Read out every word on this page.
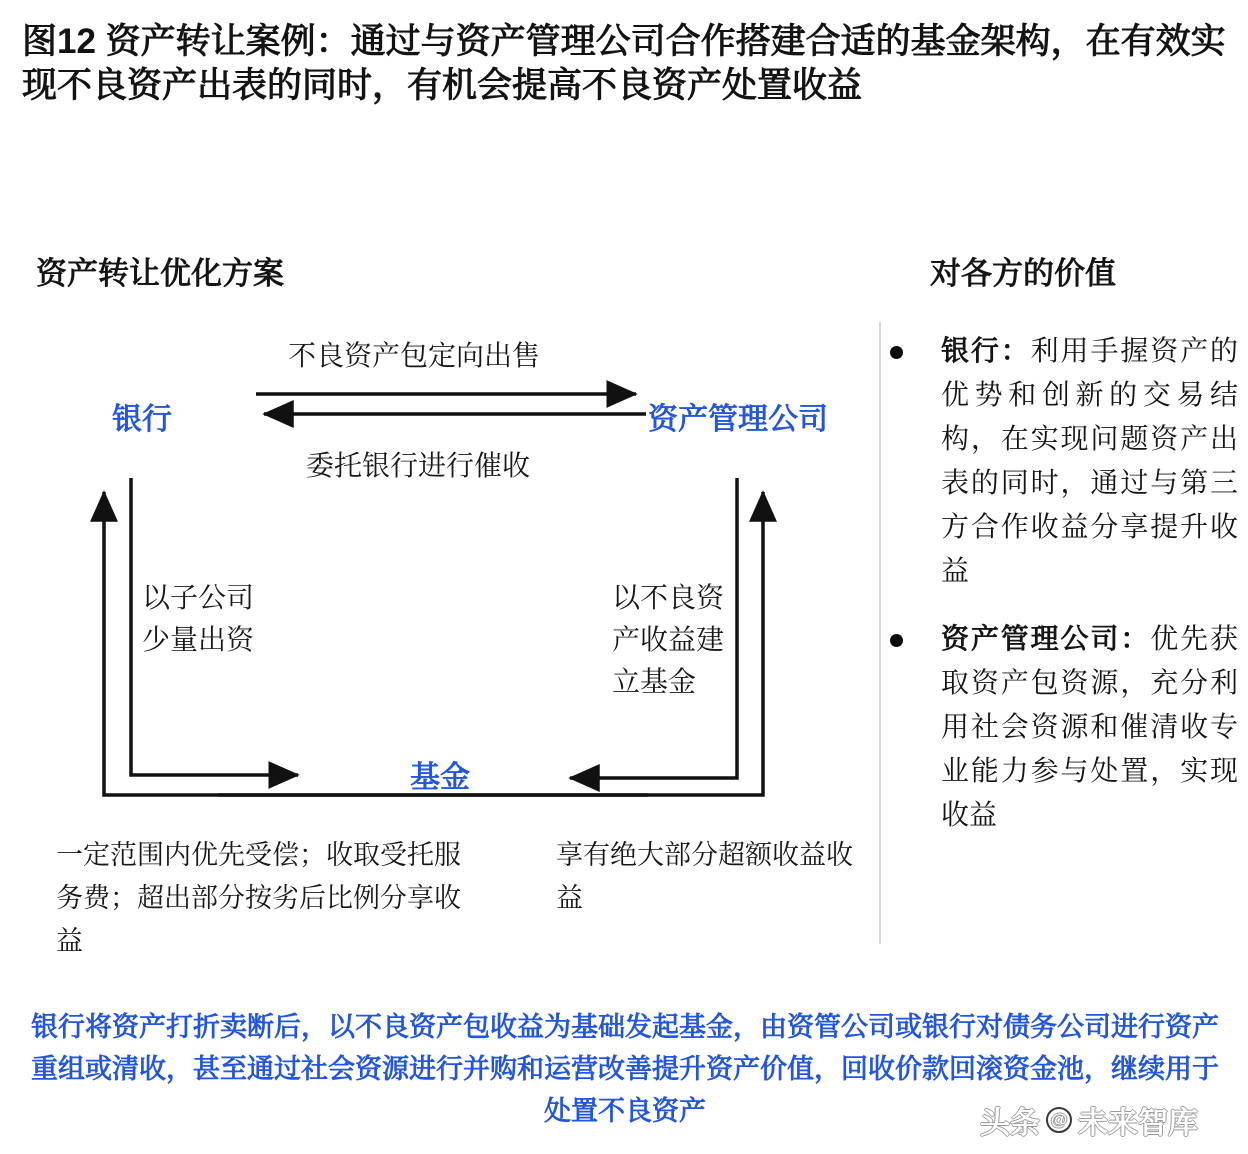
图12 资产转让案例：通过与资产管理公司合作搭建合适的基金架构，在有效实现不良资产出表的同时，有机会提高不良资产处置收益
资产转让优化方案	对各方的价值
银行	资产管理公司
基金
不良资产包定向出售
委托银行进行催收
以子公司少量出资
以不良资产收益建立基金
一定范围内优先受偿；收取受托服务费；超出部分按劣后比例分享收益
享有绝大部分超额收益收益
银行：利用手握资产的优势和创新的交易结构，在实现问题资产出表的同时，通过与第三方合作收益分享提升收益
资产管理公司：优先获取资产包资源，充分利用社会资源和催清收专业能力参与处置，实现收益
银行将资产打折卖断后，以不良资产包收益为基础发起基金，由资管公司或银行对债务公司进行资产重组或清收，甚至通过社会资源进行并购和运营改善提升资产价值，回收价款回滚资金池，继续用于处置不良资产	头条 @ 未来智库
